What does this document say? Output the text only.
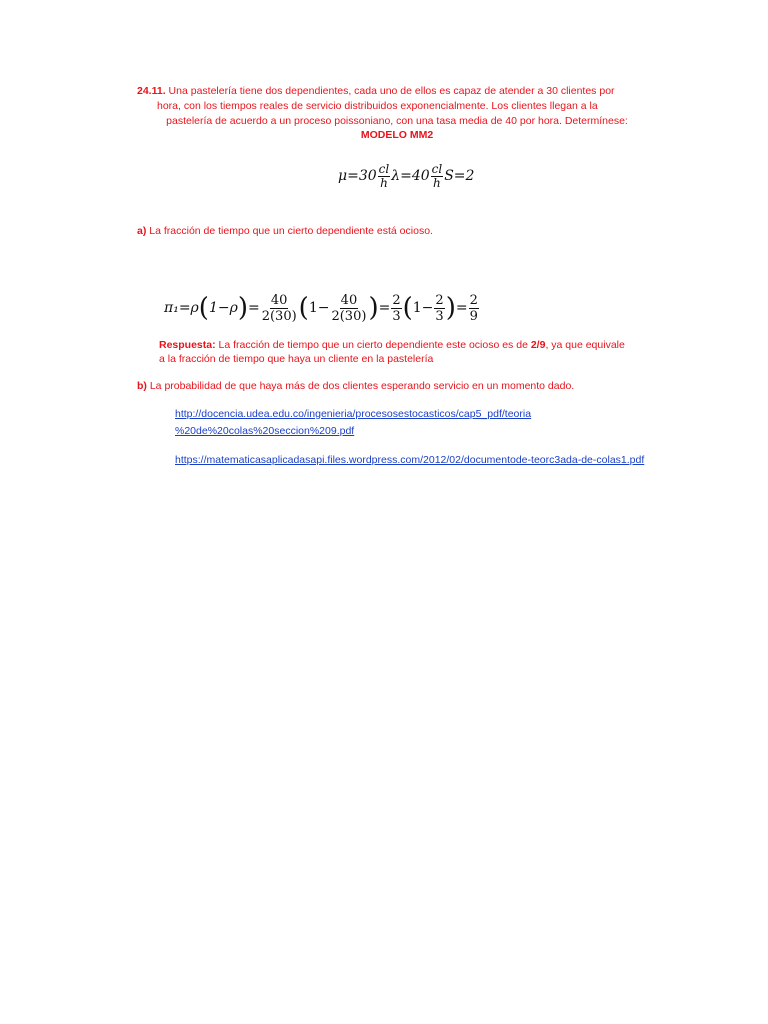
24.11. Una pastelería tiene dos dependientes, cada uno de ellos es capaz de atender a 30 clientes por
hora, con los tiempos reales de servicio distribuidos exponencialmente. Los clientes llegan a la
pastelería de acuerdo a un proceso poissoniano, con una tasa media de 40 por hora. Determínese:
MODELO MM2
$\mu=30 \frac{cl}{h} \lambda=40 \frac{cl}{h} S=2$
a) La fracción de tiempo que un cierto dependiente está ocioso.
π₁=ρ ( 1−ρ ) = $\frac{40}{2(30)}$ ( $1- \frac{40}{2(30)}$ ) = $\frac{2}{3}$ ( $1- \frac{2}{3}$ ) = $\frac{2}{9}$
Respuesta: La fracción de tiempo que un cierto dependiente este ocioso es de 2/9, ya que equivale
a la fracción de tiempo que haya un cliente en la pastelería
b) La probabilidad de que haya más de dos clientes esperando servicio en un momento dado.
http://docencia.udea.edu.co/ingenieria/procesosestocasticos/cap5_pdf/teoria
%20de%20colas%20seccion%209.pdf
https://matematicasaplicadasapi.files.wordpress.com/2012/02/documentode-teorc3ada-de-colas1.pdf
